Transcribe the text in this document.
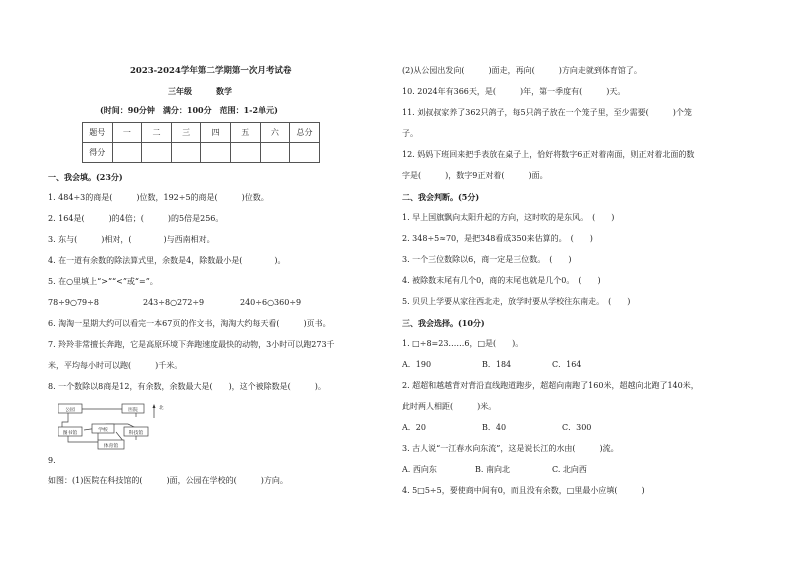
2023-2024学年第二学期第一次月考试卷
三年级	数学
(时间：90分钟　满分：100分　范围：1-2单元)
题号	一	二	三	四	五	六	总分
得分							
一、我会填。(23分)
1. 484÷3的商是(　　　)位数，192÷5的商是(　　　)位数。
2. 164是(　　　)的4倍；(　　　)的5倍是256。
3. 东与(　　　)相对，(　　　　)与西南相对。
4. 在一道有余数的除法算式里，余数是4，除数最小是(　　　　)。
5. 在○里填上“>”“<”或“=”。
78÷9○79÷8	243÷8○272÷9	240÷6○360÷9
6. 淘淘一星期大约可以看完一本67页的作文书，淘淘大约每天看(　　　)页书。
7. 羚羚非常擅长奔跑，它是高原环境下奔跑速度最快的动物，3小时可以跑273千
米，平均每小时可以跑(　　　)千米。
8. 一个数除以8商是12，有余数，余数最大是(　　)，这个被除数是(　　　)。
公园	医院
图书馆
学校
科技馆
体育馆
北
9.
如图：(1)医院在科技馆的(　　　)面，公园在学校的(　　　)方向。
(2)从公园出发向(　　　)面走，再向(　　　)方向走就到体育馆了。
10. 2024年有366天，是(　　　)年，第一季度有(　　　)天。
11. 刘叔叔家养了362只鸽子，每5只鸽子放在一个笼子里，至少需要(　　　)个笼
子。
12. 妈妈下班回来把手表放在桌子上，恰好将数字6正对着南面，则正对着北面的数
字是(　　　)，数字9正对着(　　　)面。
二、我会判断。(5分)
1. 早上国旗飘向太阳升起的方向，这时吹的是东风。　(　　)
2. 348÷5≈70，是把348看成350来估算的。　(　　)
3. 一个三位数除以6，商一定是三位数。　(　　)
4. 被除数末尾有几个0，商的末尾也就是几个0。　(　　)
5. 贝贝上学要从家往西北走，放学时要从学校往东南走。　(　　)
三、我会选择。(10分)
1. □÷8=23……6，□是(　　)。
A．190	B．184	C．164
2. 超超和越越背对背沿直线跑道跑步，超超向南跑了160米，超越向北跑了140米，
此时两人相距(　　　)米。
A．20	B．40	C．300
3. 古人说“一江春水向东流”，这是说长江的水由(　　　)流。
A. 西向东	B. 南向北	C. 北向西
4. 5□5÷5，要使商中间有0，而且没有余数，□里最小应填(　　　)
